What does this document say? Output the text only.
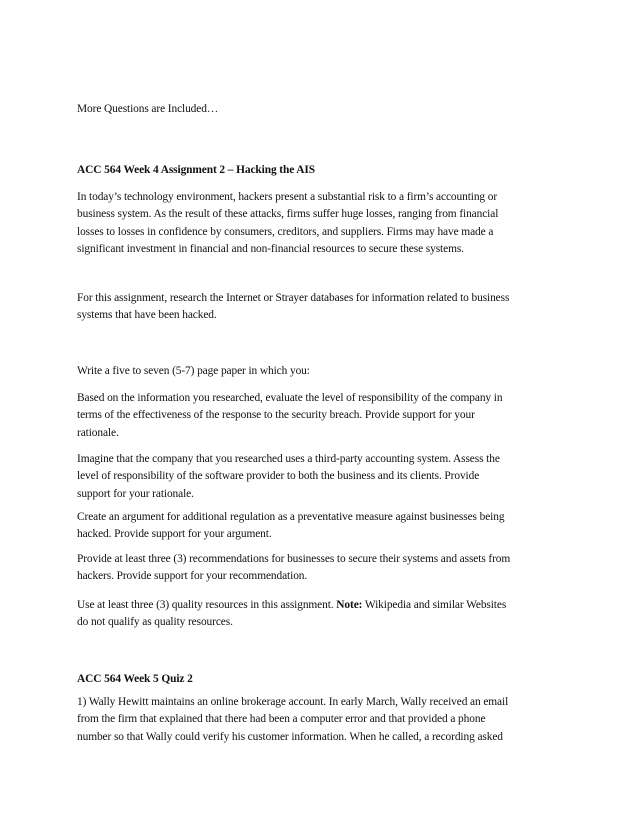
More Questions are Included…
ACC 564 Week 4 Assignment 2 – Hacking the AIS
In today’s technology environment, hackers present a substantial risk to a firm’s accounting or
business system. As the result of these attacks, firms suffer huge losses, ranging from financial
losses to losses in confidence by consumers, creditors, and suppliers. Firms may have made a
significant investment in financial and non-financial resources to secure these systems.
For this assignment, research the Internet or Strayer databases for information related to business
systems that have been hacked.
Write a five to seven (5-7) page paper in which you:
Based on the information you researched, evaluate the level of responsibility of the company in
terms of the effectiveness of the response to the security breach. Provide support for your
rationale.
Imagine that the company that you researched uses a third-party accounting system. Assess the
level of responsibility of the software provider to both the business and its clients. Provide
support for your rationale.
Create an argument for additional regulation as a preventative measure against businesses being
hacked. Provide support for your argument.
Provide at least three (3) recommendations for businesses to secure their systems and assets from
hackers. Provide support for your recommendation.
Use at least three (3) quality resources in this assignment. Note: Wikipedia and similar Websites
do not qualify as quality resources.
ACC 564 Week 5 Quiz 2
1) Wally Hewitt maintains an online brokerage account. In early March, Wally received an email
from the firm that explained that there had been a computer error and that provided a phone
number so that Wally could verify his customer information. When he called, a recording asked
